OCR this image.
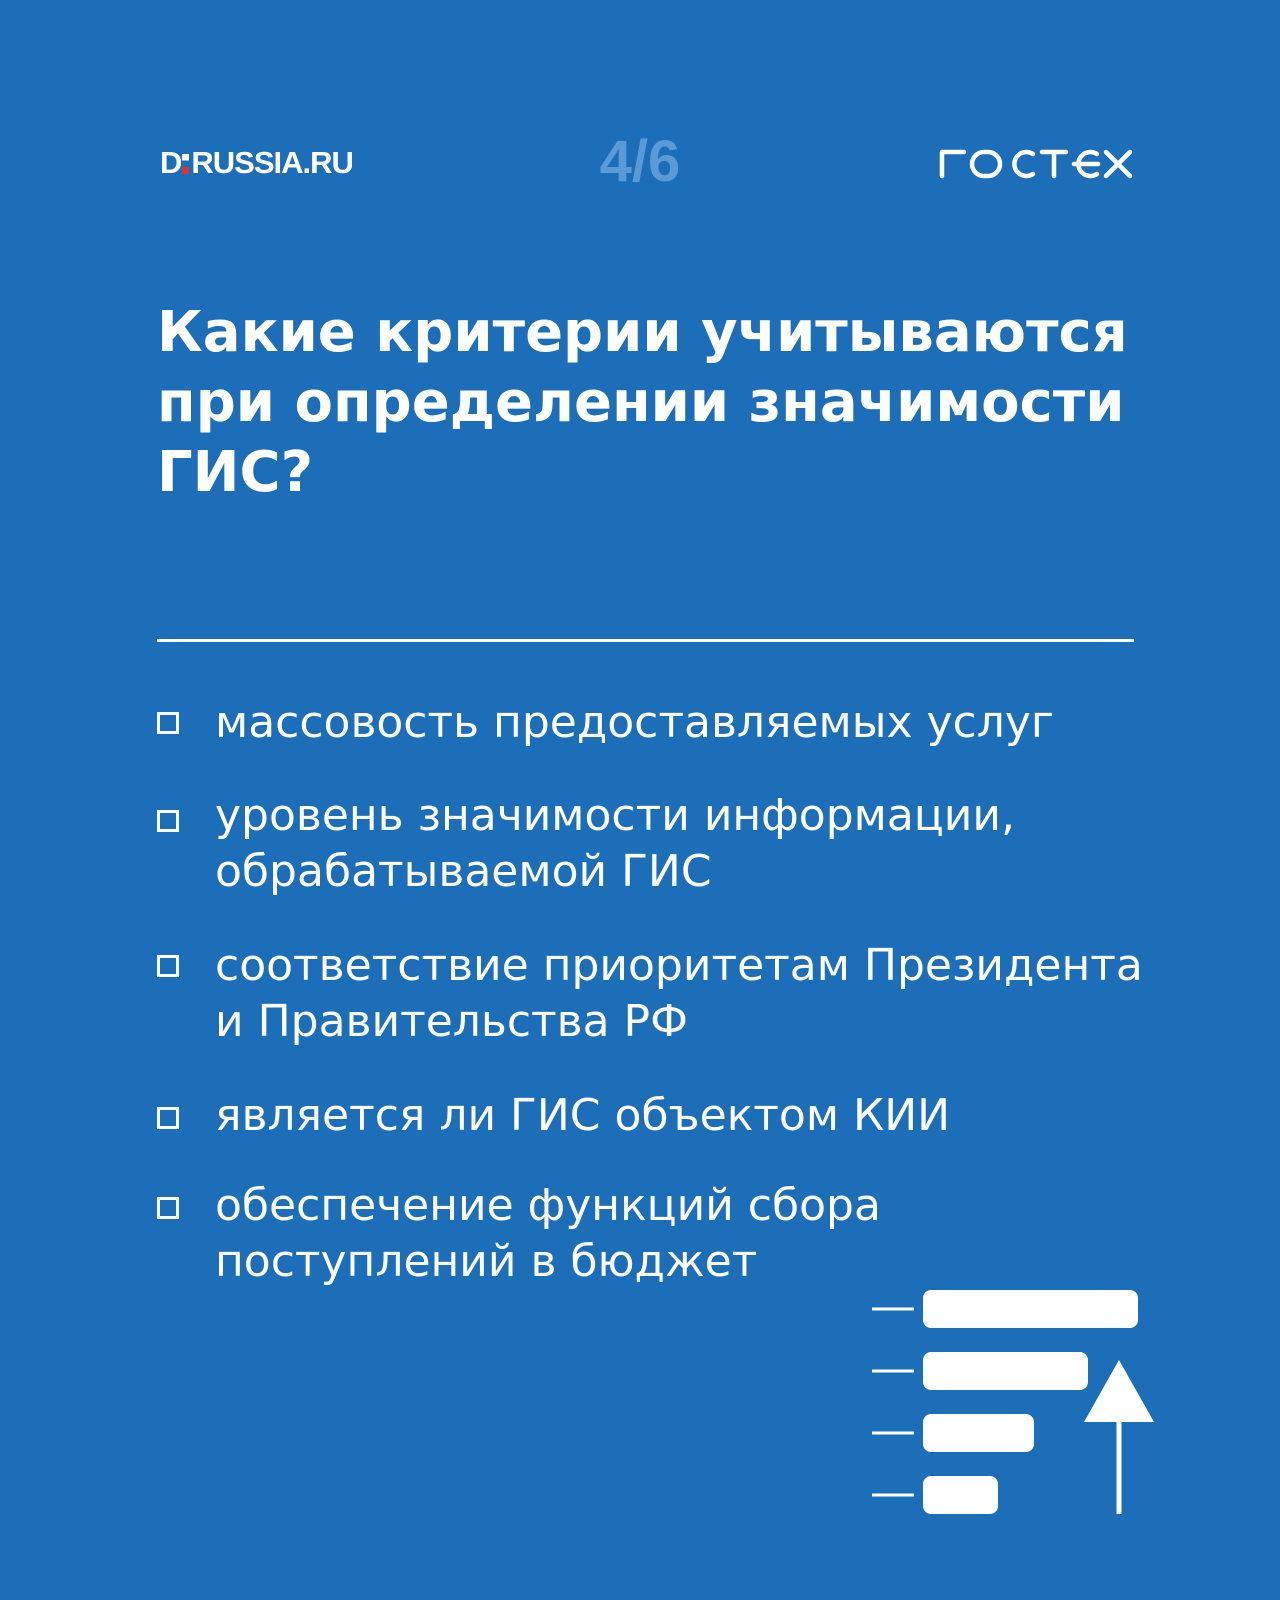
D RUSSIA.RU	4/6
Какие критерии учитываются при определении значимости ГИС?
массовость предоставляемых услуг
уровень значимости информации,
обрабатываемой ГИС
соответствие приоритетам Президента
и Правительства РФ
является ли ГИС объектом КИИ
обеспечение функций сбора
поступлений в бюджет
